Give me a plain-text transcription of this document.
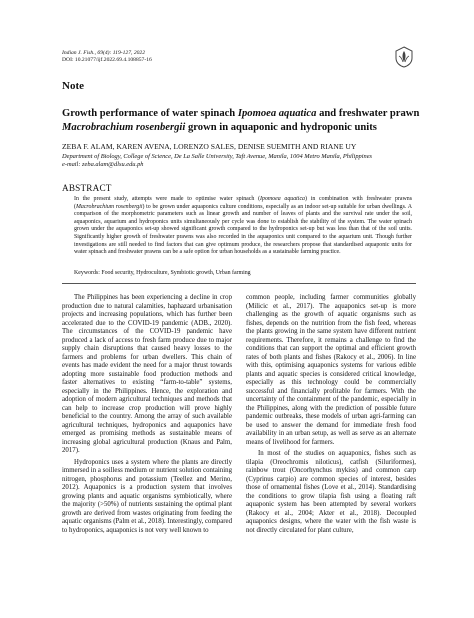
Indian J. Fish., 69(4): 119-127, 2022
DOI: 10.21077/ijf.2022.69.4.108857-16
Note
Growth performance of water spinach Ipomoea aquatica and freshwater prawn Macrobrachium rosenbergii grown in aquaponic and hydroponic units
ZEBA F. ALAM, KAREN AVENA, LORENZO SALES, DENISE SUEMITH AND RIANE UY
Department of Biology, College of Science, De La Salle University, Taft Avenue, Manila, 1004 Metro Manila, Philippines
e-mail: zeba.alam@dlsu.edu.ph
ABSTRACT
In the present study, attempts were made to optimise water spinach (Ipomoea aquatica) in combination with freshwater prawns (Macrobrachium rosenbergii) to be grown under aquaponics culture conditions, especially as an indoor set-up suitable for urban dwellings. A comparison of the morphometric parameters such as linear growth and number of leaves of plants and the survival rate under the soil, aquaponics, aquarium and hydroponics units simultaneously per cycle was done to establish the stability of the system. The water spinach grown under the aquaponics set-up showed significant growth compared to the hydroponics set-up but was less than that of the soil units. Significantly higher growth of freshwater prawns was also recorded in the aquaponics unit compared to the aquarium unit. Though further investigations are still needed to find factors that can give optimum produce, the researchers propose that standardised aquaponic units for water spinach and freshwater prawns can be a safe option for urban households as a sustainable farming practice.
Keywords: Food security, Hydroculture, Symbiotic growth, Urban farming

The Philippines has been experiencing a decline in crop production due to natural calamities, haphazard urbanisation projects and increasing populations, which has further been accelerated due to the COVID-19 pandemic (ADB., 2020). The circumstances of the COVID-19 pandemic have produced a lack of access to fresh farm produce due to major supply chain disruptions that caused heavy losses to the farmers and problems for urban dwellers. This chain of events has made evident the need for a major thrust towards adopting more sustainable food production methods and faster alternatives to existing “farm-to-table” systems, especially in the Philippines. Hence, the exploration and adoption of modern agricultural techniques and methods that can help to increase crop production will prove highly beneficial to the country. Among the array of such available agricultural techniques, hydroponics and aquaponics have emerged as promising methods as sustainable means of increasing global agricultural production (Knaus and Palm, 2017).

Hydroponics uses a system where the plants are directly immersed in a soilless medium or nutrient solution containing nitrogen, phosphorus and potassium (Teellez and Merino, 2012). Aquaponics is a production system that involves growing plants and aquatic organisms symbiotically, where the majority (>50%) of nutrients sustaining the optimal plant growth are derived from wastes originating from feeding the aquatic organisms (Palm et al., 2018). Interestingly, compared to hydroponics, aquaponics is not very well known to

common people, including farmer communities globally (Milicic et al., 2017). The aquaponics set-up is more challenging as the growth of aquatic organisms such as fishes, depends on the nutrition from the fish feed, whereas the plants growing in the same system have different nutrient requirements. Therefore, it remains a challenge to find the conditions that can support the optimal and efficient growth rates of both plants and fishes (Rakocy et al., 2006). In line with this, optimising aquaponics systems for various edible plants and aquatic species is considered critical knowledge, especially as this technology could be commercially successful and financially profitable for farmers. With the uncertainty of the containment of the pandemic, especially in the Philippines, along with the prediction of possible future pandemic outbreaks, these models of urban agri-farming can be used to answer the demand for immediate fresh food availability in an urban setup, as well as serve as an alternate means of livelihood for farmers.

In most of the studies on aquaponics, fishes such as tilapia (Oreochromis niloticus), catfish (Siluriformes), rainbow trout (Oncorhynchus mykiss) and common carp (Cyprinus carpio) are common species of interest, besides those of ornamental fishes (Love et al., 2014). Standardising the conditions to grow tilapia fish using a floating raft aquaponic system has been attempted by several workers (Rakocy et al., 2004; Akter et al., 2018). Decoupled aquaponics designs, where the water with the fish waste is not directly circulated for plant culture,
